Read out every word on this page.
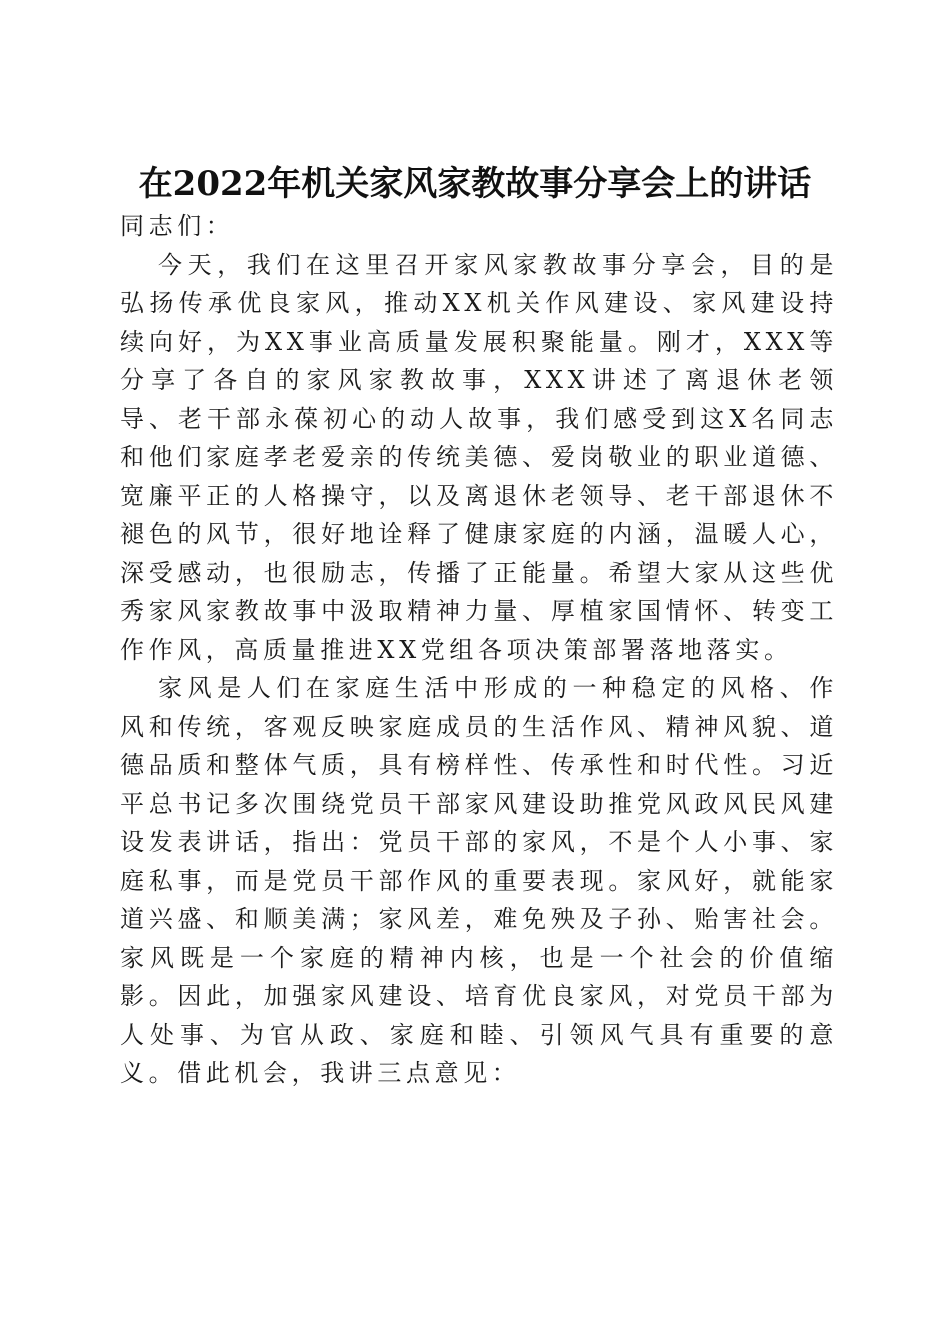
在2022年机关家风家教故事分享会上的讲话

同志们：

今天，我们在这里召开家风家教故事分享会，目的是弘扬传承优良家风，推动XX机关作风建设、家风建设持续向好，为XX事业高质量发展积聚能量。刚才，XXX等分享了各自的家风家教故事，XXX讲述了离退休老领导、老干部永葆初心的动人故事，我们感受到这X名同志和他们家庭孝老爱亲的传统美德、爱岗敬业的职业道德、宽廉平正的人格操守，以及离退休老领导、老干部退休不褪色的风节，很好地诠释了健康家庭的内涵，温暖人心，深受感动，也很励志，传播了正能量。希望大家从这些优秀家风家教故事中汲取精神力量、厚植家国情怀、转变工作作风，高质量推进XX党组各项决策部署落地落实。

家风是人们在家庭生活中形成的一种稳定的风格、作风和传统，客观反映家庭成员的生活作风、精神风貌、道德品质和整体气质，具有榜样性、传承性和时代性。习近平总书记多次围绕党员干部家风建设助推党风政风民风建设发表讲话，指出：党员干部的家风，不是个人小事、家庭私事，而是党员干部作风的重要表现。家风好，就能家道兴盛、和顺美满；家风差，难免殃及子孙、贻害社会。家风既是一个家庭的精神内核，也是一个社会的价值缩影。因此，加强家风建设、培育优良家风，对党员干部为人处事、为官从政、家庭和睦、引领风气具有重要的意义。借此机会，我讲三点意见：
